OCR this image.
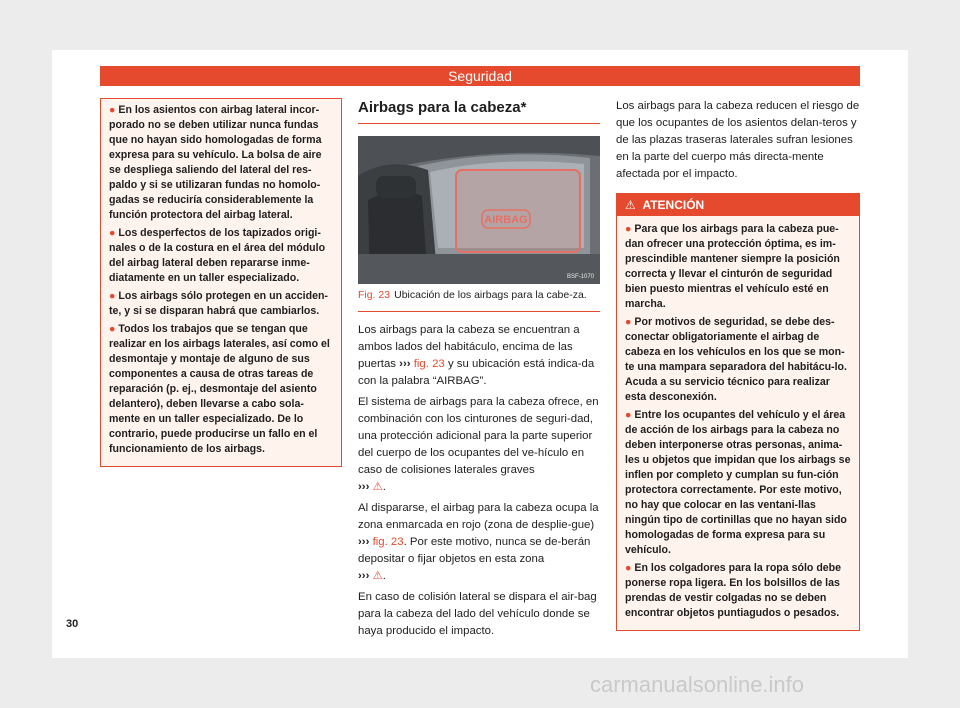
Seguridad
● En los asientos con airbag lateral incor-porado no se deben utilizar nunca fundas que no hayan sido homologadas de forma expresa para su vehículo. La bolsa de aire se despliega saliendo del lateral del res-paldo y si se utilizaran fundas no homolo-gadas se reduciría considerablemente la función protectora del airbag lateral.
● Los desperfectos de los tapizados origi-nales o de la costura en el área del módulo del airbag lateral deben repararse inme-diatamente en un taller especializado.
● Los airbags sólo protegen en un acciden-te, y si se disparan habrá que cambiarlos.
● Todos los trabajos que se tengan que realizar en los airbags laterales, así como el desmontaje y montaje de alguno de sus componentes a causa de otras tareas de reparación (p. ej., desmontaje del asiento delantero), deben llevarse a cabo sola-mente en un taller especializado. De lo contrario, puede producirse un fallo en el funcionamiento de los airbags.
Airbags para la cabeza*
AIRBAG
BSF-1070
Fig. 23 Ubicación de los airbags para la cabe-za.

Los airbags para la cabeza se encuentran a ambos lados del habitáculo, encima de las puertas ››› fig. 23 y su ubicación está indica-da con la palabra “AIRBAG”.

El sistema de airbags para la cabeza ofrece, en combinación con los cinturones de seguri-dad, una protección adicional para la parte superior del cuerpo de los ocupantes del ve-hículo en caso de colisiones laterales graves
››› ⚠.

Al dispararse, el airbag para la cabeza ocupa la zona enmarcada en rojo (zona de desplie-gue) ››› fig. 23. Por este motivo, nunca se de-berán depositar o fijar objetos en esta zona
››› ⚠.

En caso de colisión lateral se dispara el air-bag para la cabeza del lado del vehículo donde se haya producido el impacto.

Los airbags para la cabeza reducen el riesgo de que los ocupantes de los asientos delan-teros y de las plazas traseras laterales sufran lesiones en la parte del cuerpo más directa-mente afectada por el impacto.

⚠ ATENCIÓN
● Para que los airbags para la cabeza pue-dan ofrecer una protección óptima, es im-prescindible mantener siempre la posición correcta y llevar el cinturón de seguridad bien puesto mientras el vehículo esté en marcha.
● Por motivos de seguridad, se debe des-conectar obligatoriamente el airbag de cabeza en los vehículos en los que se mon-te una mampara separadora del habitácu-lo. Acuda a su servicio técnico para realizar esta desconexión.
● Entre los ocupantes del vehículo y el área de acción de los airbags para la cabeza no deben interponerse otras personas, anima-les u objetos que impidan que los airbags se inflen por completo y cumplan su fun-ción protectora correctamente. Por este motivo, no hay que colocar en las ventani-llas ningún tipo de cortinillas que no hayan sido homologadas de forma expresa para su vehículo.
● En los colgadores para la ropa sólo debe ponerse ropa ligera. En los bolsillos de las prendas de vestir colgadas no se deben encontrar objetos puntiagudos o pesados.
30
carmanualsonline.info
